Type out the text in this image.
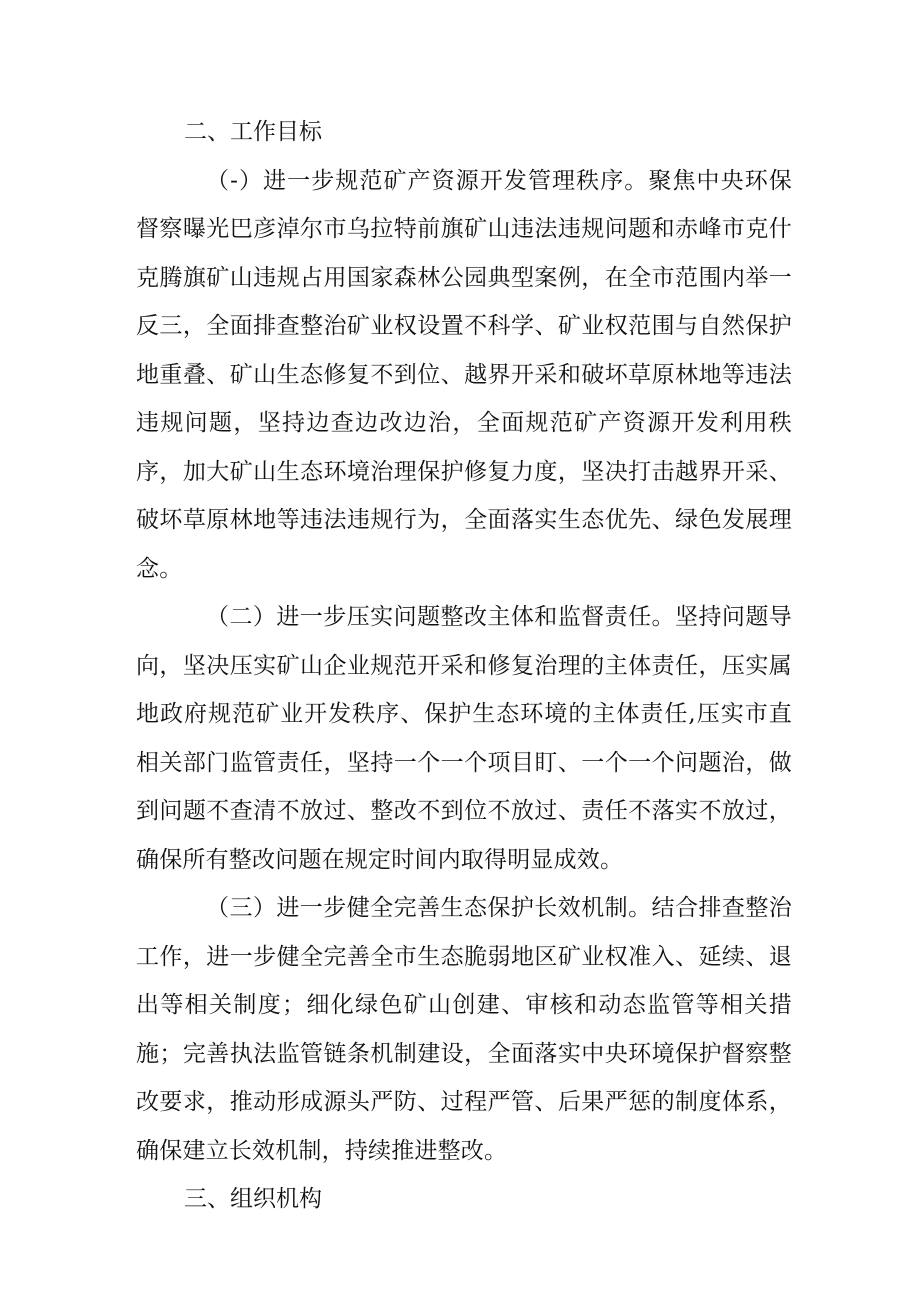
二、工作目标

（-）进一步规范矿产资源开发管理秩序。聚焦中央环保督察曝光巴彦淖尔市乌拉特前旗矿山违法违规问题和赤峰市克什克腾旗矿山违规占用国家森林公园典型案例，在全市范围内举一反三，全面排查整治矿业权设置不科学、矿业权范围与自然保护地重叠、矿山生态修复不到位、越界开采和破坏草原林地等违法违规问题，坚持边查边改边治，全面规范矿产资源开发利用秩序，加大矿山生态环境治理保护修复力度，坚决打击越界开采、破坏草原林地等违法违规行为，全面落实生态优先、绿色发展理念。

（二）进一步压实问题整改主体和监督责任。坚持问题导向，坚决压实矿山企业规范开采和修复治理的主体责任，压实属地政府规范矿业开发秩序、保护生态环境的主体责任,压实市直相关部门监管责任，坚持一个一个项目盯、一个一个问题治，做到问题不查清不放过、整改不到位不放过、责任不落实不放过，确保所有整改问题在规定时间内取得明显成效。

（三）进一步健全完善生态保护长效机制。结合排查整治工作，进一步健全完善全市生态脆弱地区矿业权准入、延续、退出等相关制度；细化绿色矿山创建、审核和动态监管等相关措施；完善执法监管链条机制建设，全面落实中央环境保护督察整改要求，推动形成源头严防、过程严管、后果严惩的制度体系，确保建立长效机制，持续推进整改。

三、组织机构
